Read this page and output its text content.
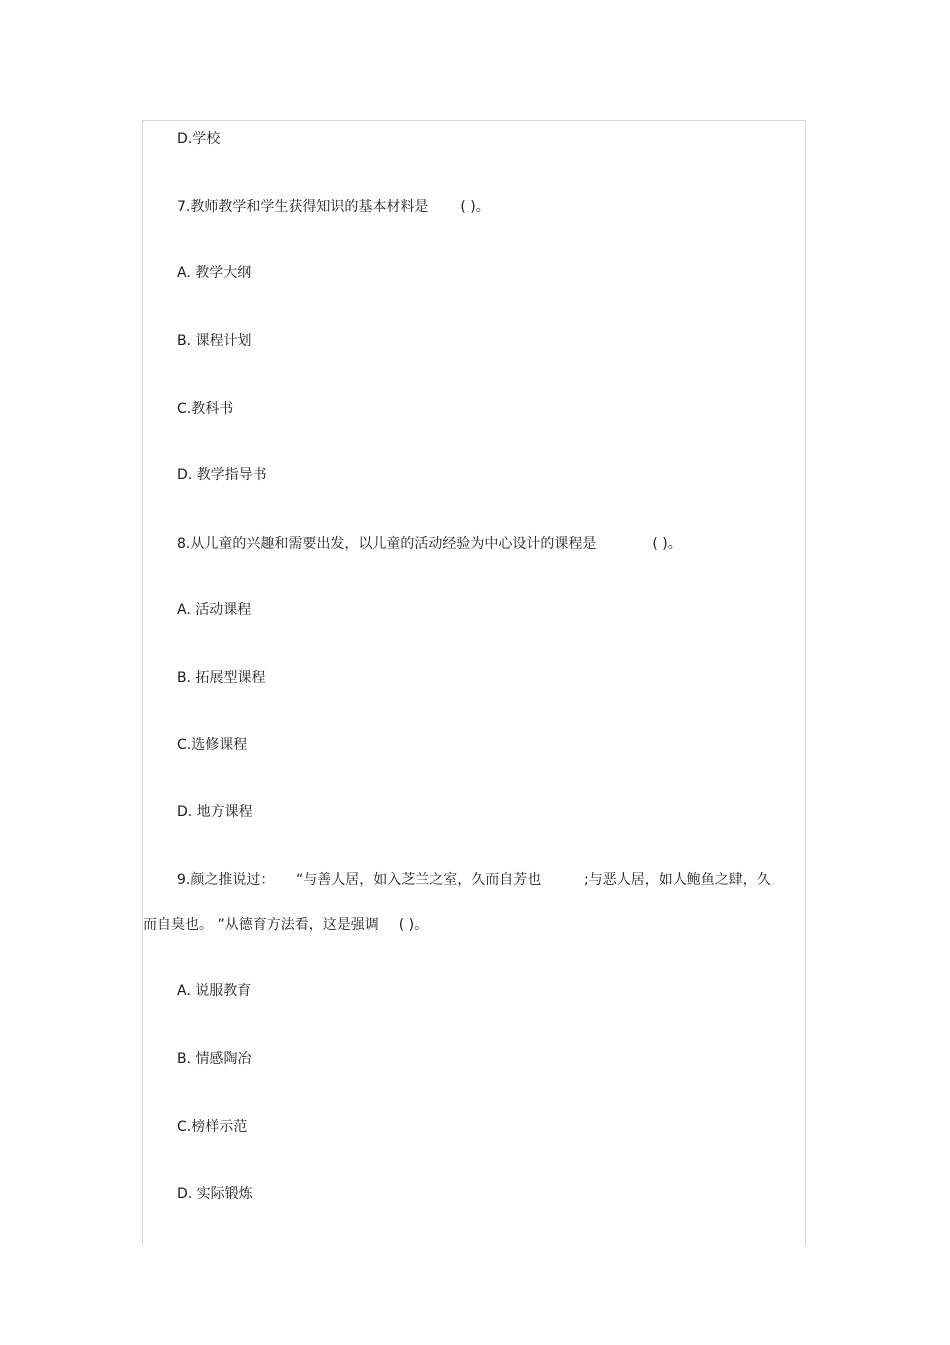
D.学校
7.教师教学和学生获得知识的基本材料是 ( )。
A. 教学大纲
B. 课程计划
C.教科书
D. 教学指导书
8.从儿童的兴趣和需要出发，以儿童的活动经验为中心设计的课程是	( )。
A. 活动课程
B. 拓展型课程
C.选修课程
D. 地方课程
9.颜之推说过： “与善人居，如入芝兰之室，久而自芳也	;与恶人居，如人鲍鱼之肆，久
而自臭也。 ”从德育方法看，这是强调 ( )。
A. 说服教育
B. 情感陶冶
C.榜样示范
D. 实际锻炼
